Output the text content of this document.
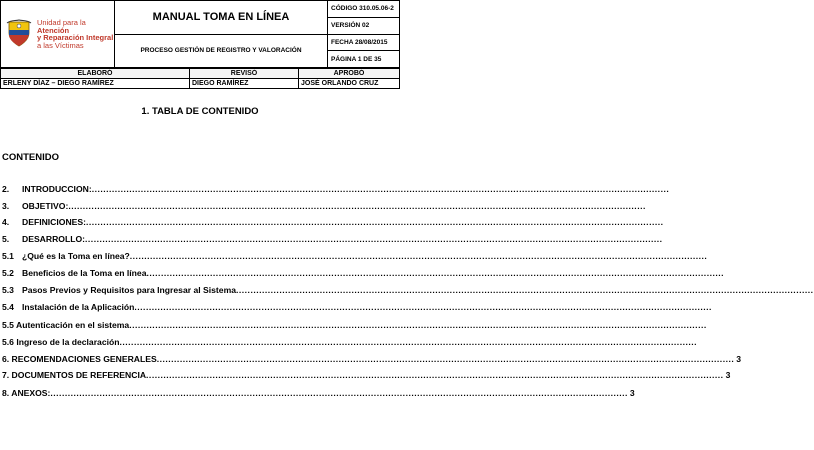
Unidad para la Atención
y Reparación Integral
a las Víctimas	MANUAL TOMA EN LÍNEA	CÓDIGO 310.05.06-2
		VERSIÓN 02

	PROCESO GESTIÓN DE REGISTRO Y VALORACIÓN	FECHA 28/08/2015
		PÁGINA 1 DE 35
ELABORÓ	REVISÓ	APROBÓ
ERLENY DÍAZ – DIEGO RAMÍREZ	DIEGO RAMÍREZ	JOSÉ ORLANDO CRUZ
1. TABLA DE CONTENIDO
CONTENIDO
2.	INTRODUCCION: ........................................................................................................................................................................................................
3.	OBJETIVO: ........................................................................................................................................................................................................
4.	DEFINICIONES: ........................................................................................................................................................................................................
5.	DESARROLLO: ........................................................................................................................................................................................................
5.1 ¿Qué es la Toma en línea? ........................................................................................................................................................................................................
5.2 Beneficios de la Toma en línea ........................................................................................................................................................................................................
5.3 Pasos Previos y Requisitos para Ingresar al Sistema ........................................................................................................................................................................................................
5.4 Instalación de la Aplicación ........................................................................................................................................................................................................
5.5 Autenticación en el sistema ........................................................................................................................................................................................................
5.6 Ingreso de la declaración ........................................................................................................................................................................................................
6. RECOMENDACIONES GENERALES ........................................................................................................................................................................................................ 3
7. DOCUMENTOS DE REFERENCIA ........................................................................................................................................................................................................ 3
8. ANEXOS: ........................................................................................................................................................................................................ 3
